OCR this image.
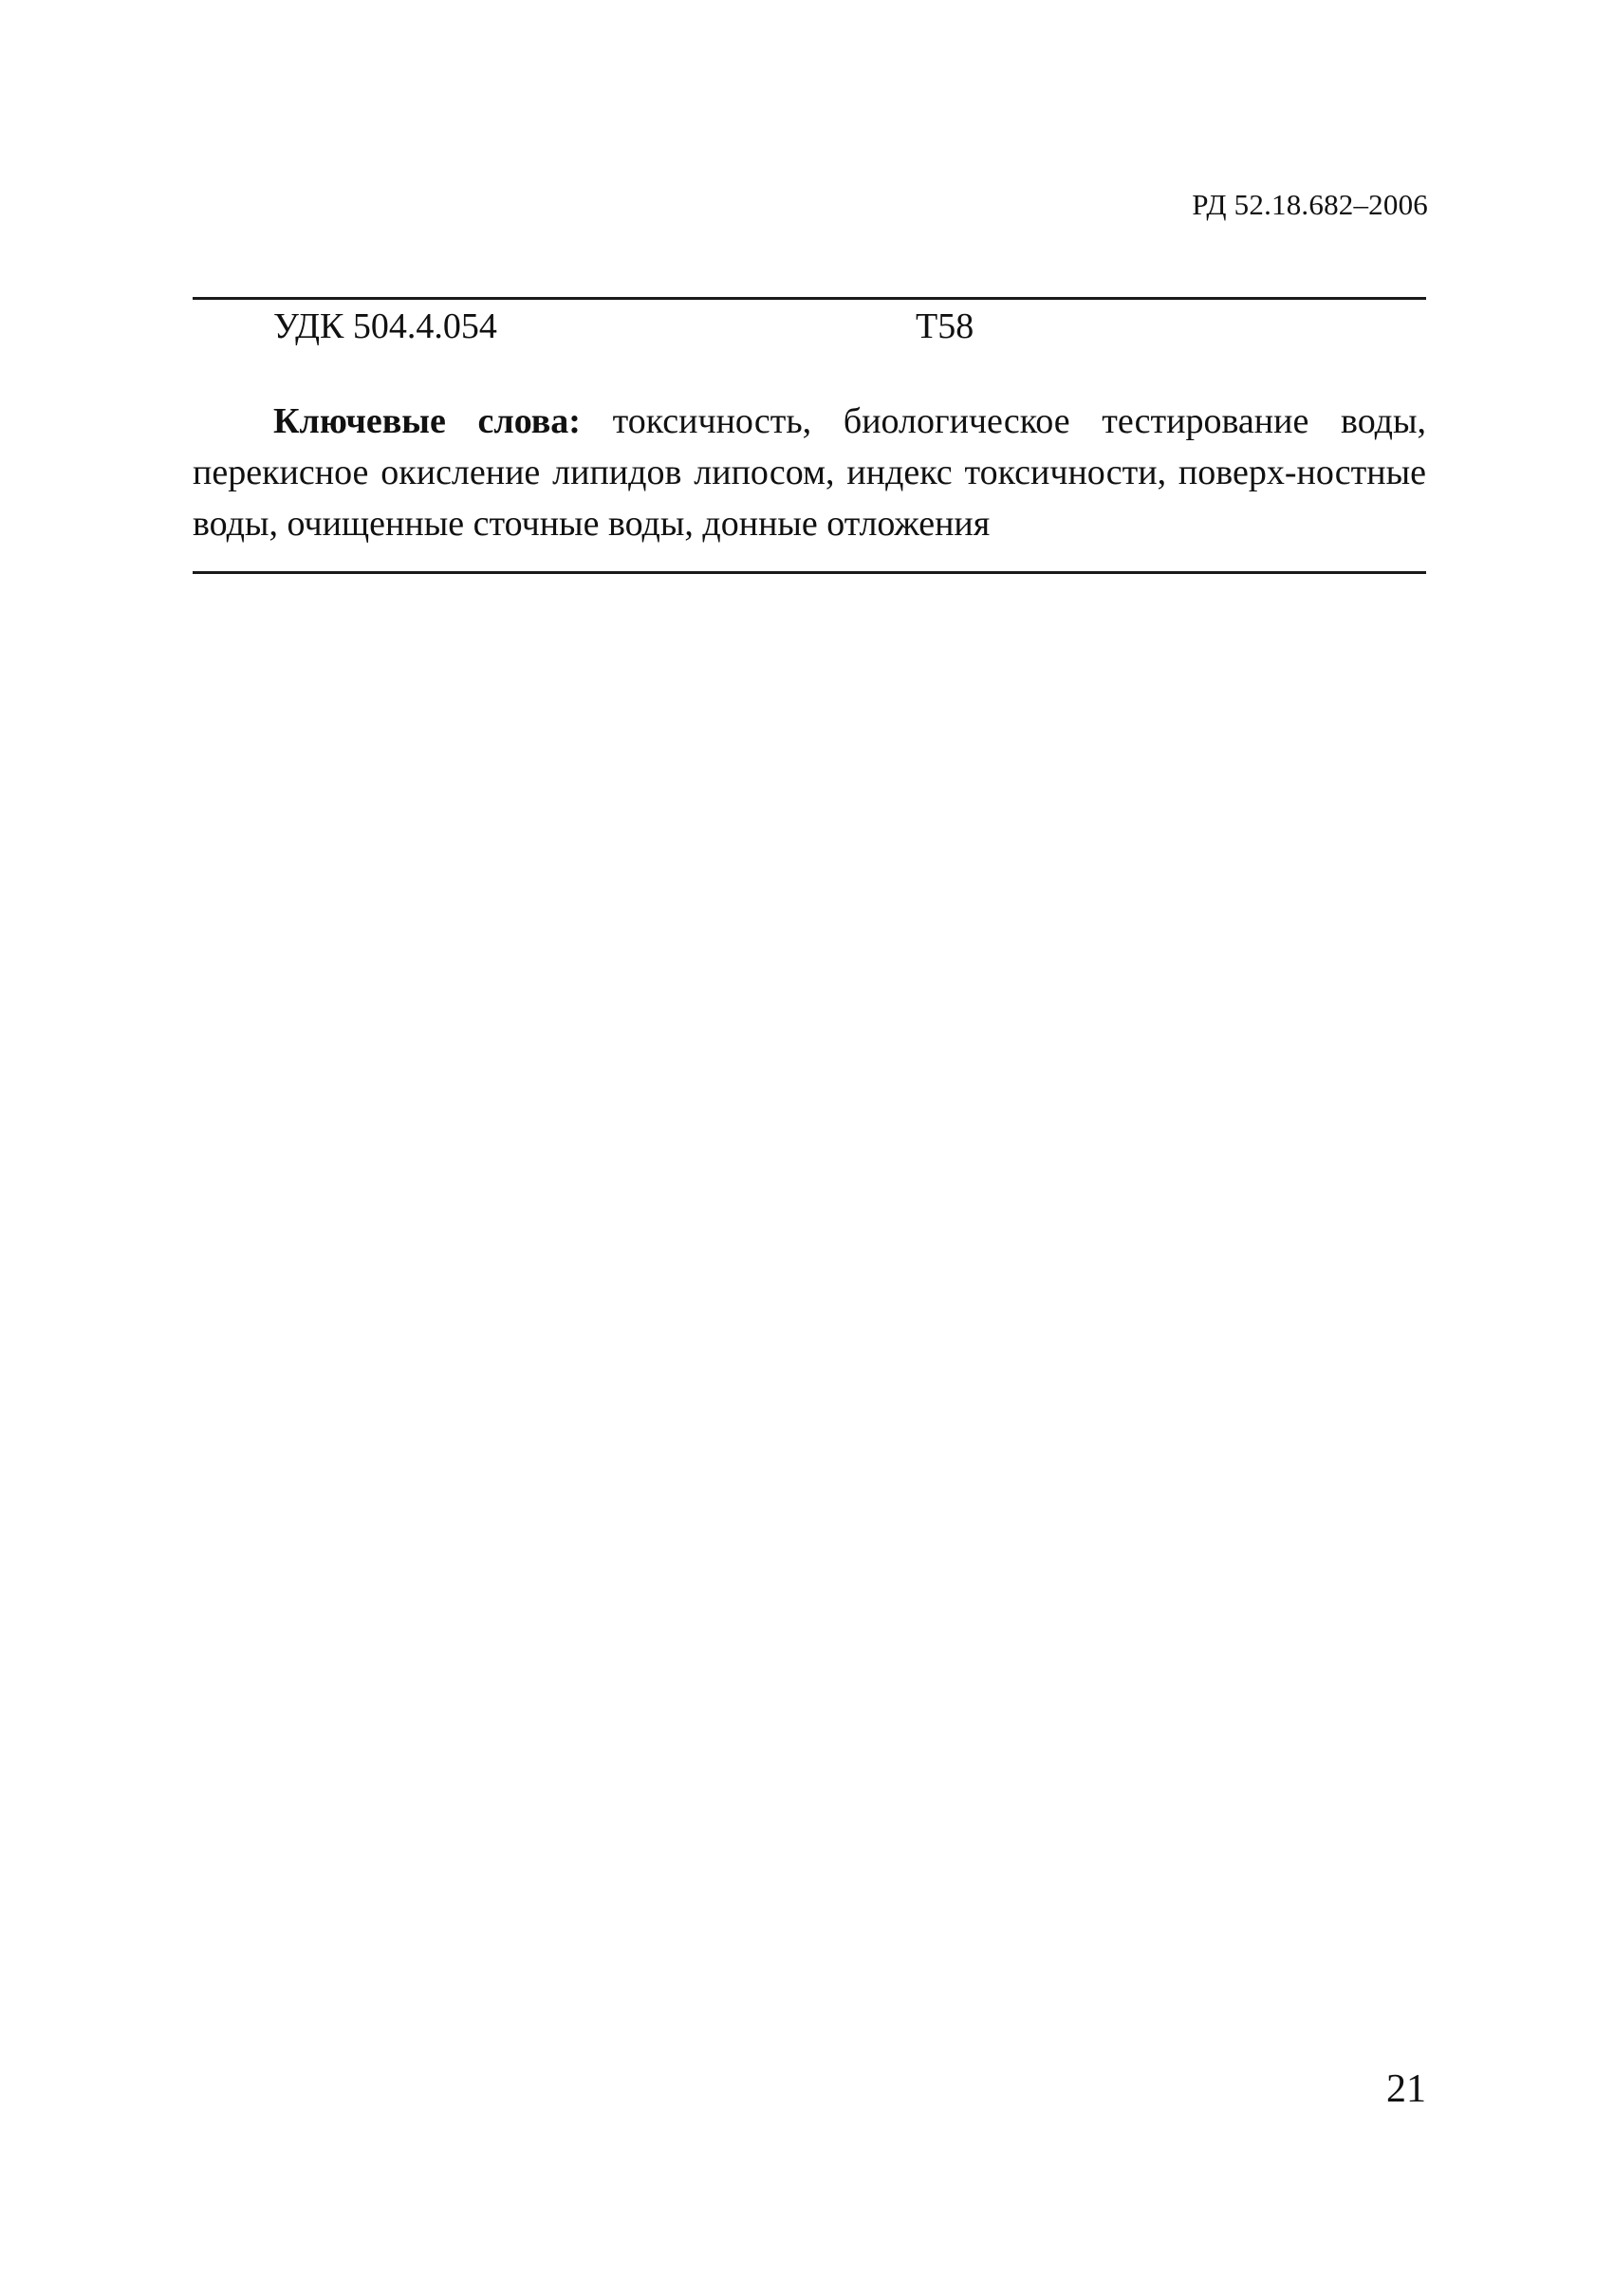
РД 52.18.682–2006
УДК 504.4.054	Т58

Ключевые слова: токсичность, биологическое тестирование воды, перекисное окисление липидов липосом, индекс токсичности, поверх-ностные воды, очищенные сточные воды, донные отложения

21
